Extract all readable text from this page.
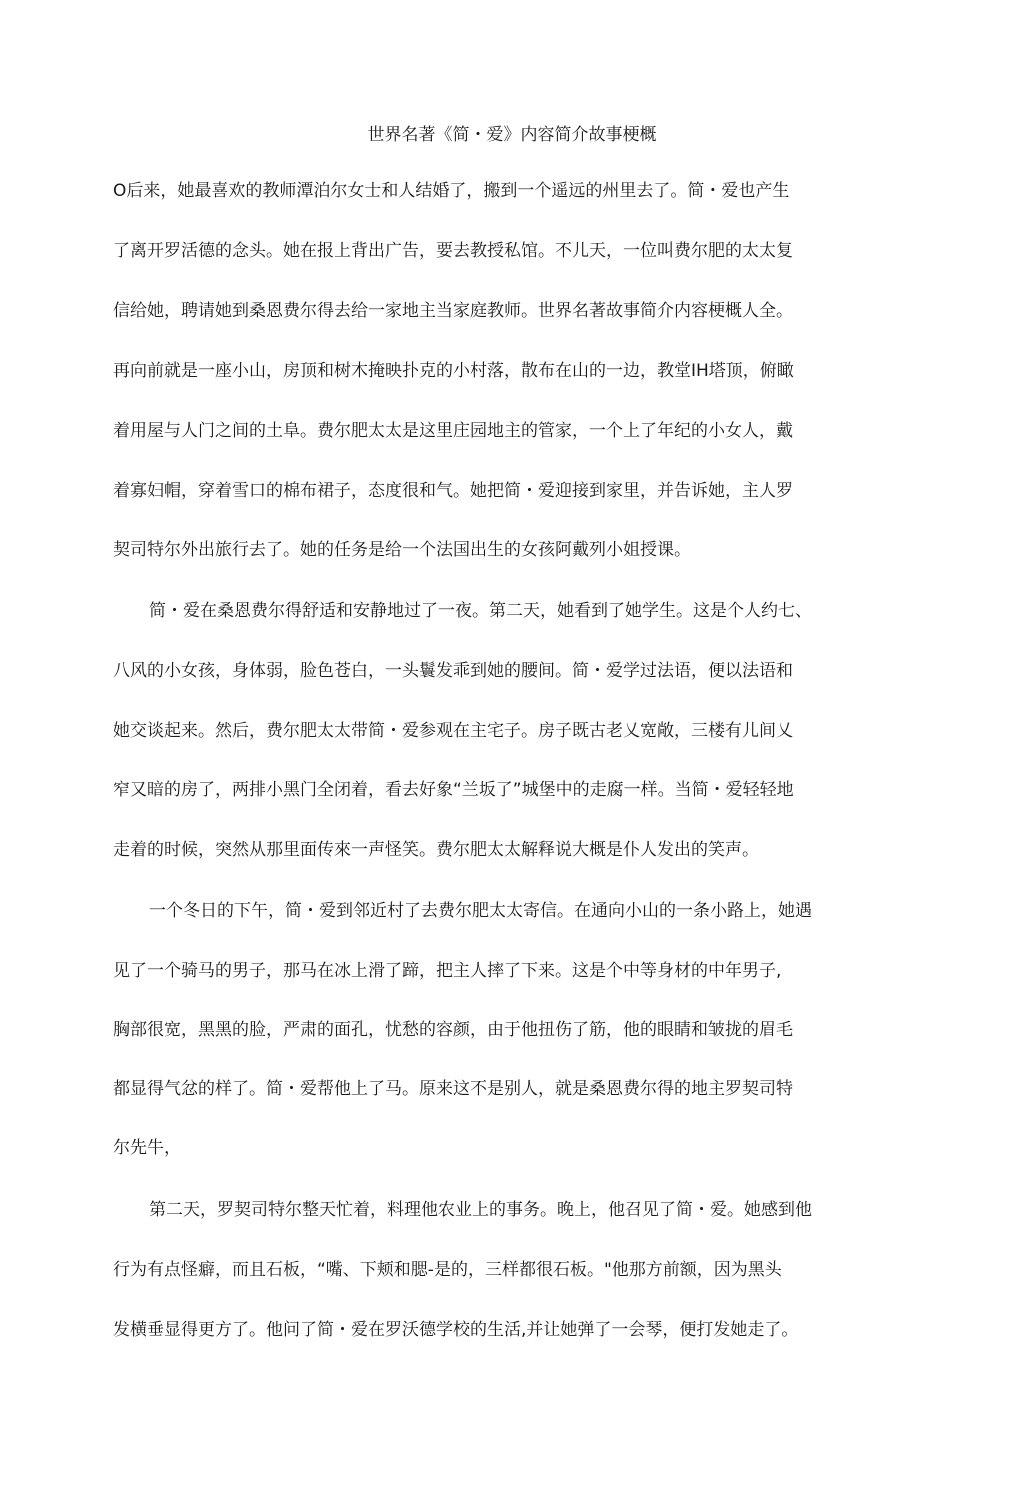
世界名著《简・爱》内容简介故事梗概
O后来，她最喜欢的教师潭泊尔女士和人结婚了，搬到一个遥远的州里去了。简・爱也产生
了离开罗活德的念头。她在报上背出广告，要去教授私馆。不儿天，一位叫费尔肥的太太复
信给她，聘请她到桑恩费尔得去给一家地主当家庭教师。世界名著故事简介内容梗概人全。
再向前就是一座小山，房顶和树木掩映扑克的小村落，散布在山的一边，教堂IH塔顶，俯瞰
着用屋与人门之间的土阜。费尔肥太太是这里庄园地主的管家，一个上了年纪的小女人，戴
着寡妇帽，穿着雪口的棉布裙子，态度很和气。她把简・爱迎接到家里，并告诉她，主人罗
契司特尔外出旅行去了。她的任务是给一个法国出生的女孩阿戴列小姐授课。
简・爱在桑恩费尔得舒适和安静地过了一夜。第二天，她看到了她学生。这是个人约七、
八风的小女孩，身体弱，脸色苍白，一头鬟发乖到她的腰间。简・爱学过法语，便以法语和
她交谈起来。然后，费尔肥太太带简・爱参观在主宅子。房子既古老乂宽敞，三楼有儿间乂
窄又暗的房了，两排小黑门全闭着，看去好象“兰坂了”城堡中的走腐一样。当简・爱轻轻地
走着的时候，突然从那里面传來一声怪笑。费尔肥太太解释说大概是仆人发出的笑声。
一个冬日的下午，简・爱到邻近村了去费尔肥太太寄信。在通向小山的一条小路上，她遇
见了一个骑马的男子，那马在冰上滑了蹄，把主人摔了下来。这是个中等身材的中年男子,
胸部很宽，黑黑的脸，严肃的面孔，忧愁的容颜，由于他扭伤了筋，他的眼睛和皱拢的眉毛
都显得气忿的样了。简・爱帮他上了马。原来这不是别人，就是桑恩费尔得的地主罗契司特
尔先牛，
第二天，罗契司特尔整天忙着，料理他农业上的事务。晚上，他召见了简・爱。她感到他
行为有点怪癖，而且石板，“嘴、下颊和腮-是的，三样都很石板。"他那方前额，因为黑头
发横垂显得更方了。他问了简・爱在罗沃德学校的生活,并让她弹了一会琴，便打发她走了。
